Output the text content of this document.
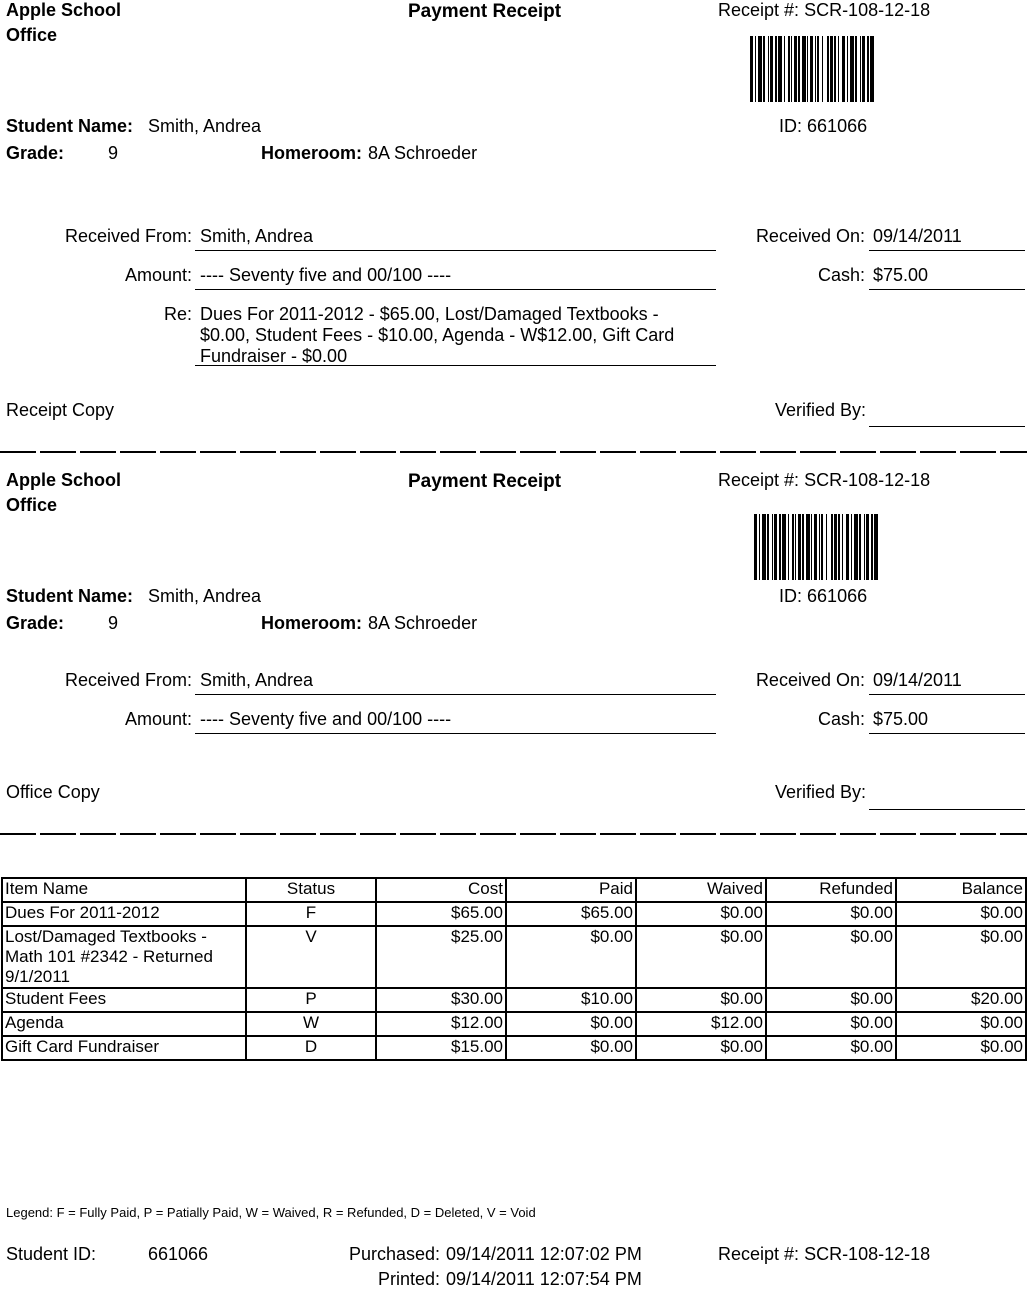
Apple School
Office
Payment Receipt	Receipt #: SCR-108-12-18
ID: 661066
Student Name: Smith, Andrea
Grade: 9	Homeroom: 8A Schroeder
Received From: Smith, Andrea	Received On: 09/14/2011
Amount: ---- Seventy five and 00/100 ----	Cash: $75.00
Re: Dues For 2011-2012 - $65.00, Lost/Damaged Textbooks -
$0.00, Student Fees - $10.00, Agenda - W$12.00, Gift Card
Fundraiser - $0.00
Receipt Copy	Verified By:
Apple School
Office
Payment Receipt	Receipt #: SCR-108-12-18
ID: 661066
Student Name: Smith, Andrea
Grade: 9	Homeroom: 8A Schroeder
Received From: Smith, Andrea	Received On: 09/14/2011
Amount: ---- Seventy five and 00/100 ----	Cash: $75.00
Office Copy	Verified By:
Item Name	Status	Cost	Paid	Waived	Refunded	Balance
Dues For 2011-2012	F	$65.00	$65.00	$0.00	$0.00	$0.00
Lost/Damaged Textbooks - Math 101 #2342 - Returned 9/1/2011	V	$25.00	$0.00	$0.00	$0.00	$0.00
Student Fees	P	$30.00	$10.00	$0.00	$0.00	$20.00
Agenda	W	$12.00	$0.00	$12.00	$0.00	$0.00
Gift Card Fundraiser	D	$15.00	$0.00	$0.00	$0.00	$0.00
Legend: F = Fully Paid, P = Patially Paid, W = Waived, R = Refunded, D = Deleted, V = Void
Student ID:	661066	Purchased: 09/14/2011 12:07:02 PM
Printed: 09/14/2011 12:07:54 PM
Receipt #: SCR-108-12-18
